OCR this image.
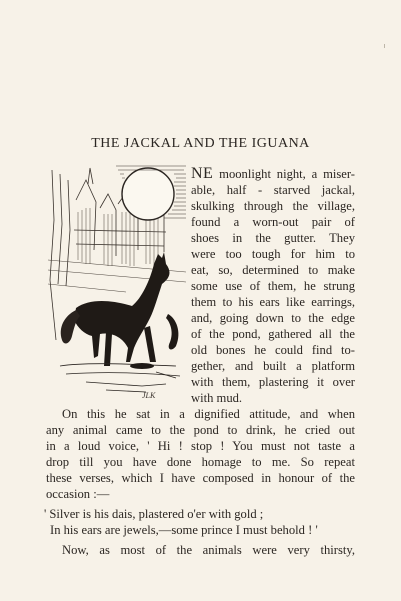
THE JACKAL AND THE IGUANA
JLK
NE moonlight night, a miser-
able, half - starved jackal,
skulking through the village,
found a worn-out pair of
shoes in the gutter. They
were too tough for him to
eat, so, determined to make
some use of them, he strung
them to his ears like earrings,
and, going down to the edge
of the pond, gathered all the
old bones he could find to-
gether, and built a platform
with them, plastering it over
with mud.
On this he sat in a dignified attitude, and when
any animal came to the pond to drink, he cried out
in a loud voice, ' Hi ! stop ! You must not taste a
drop till you have done homage to me. So repeat
these verses, which I have composed in honour of the
occasion :—
' Silver is his dais, plastered o'er with gold ;
In his ears are jewels,—some prince I must behold ! '
Now, as most of the animals were very thirsty,
